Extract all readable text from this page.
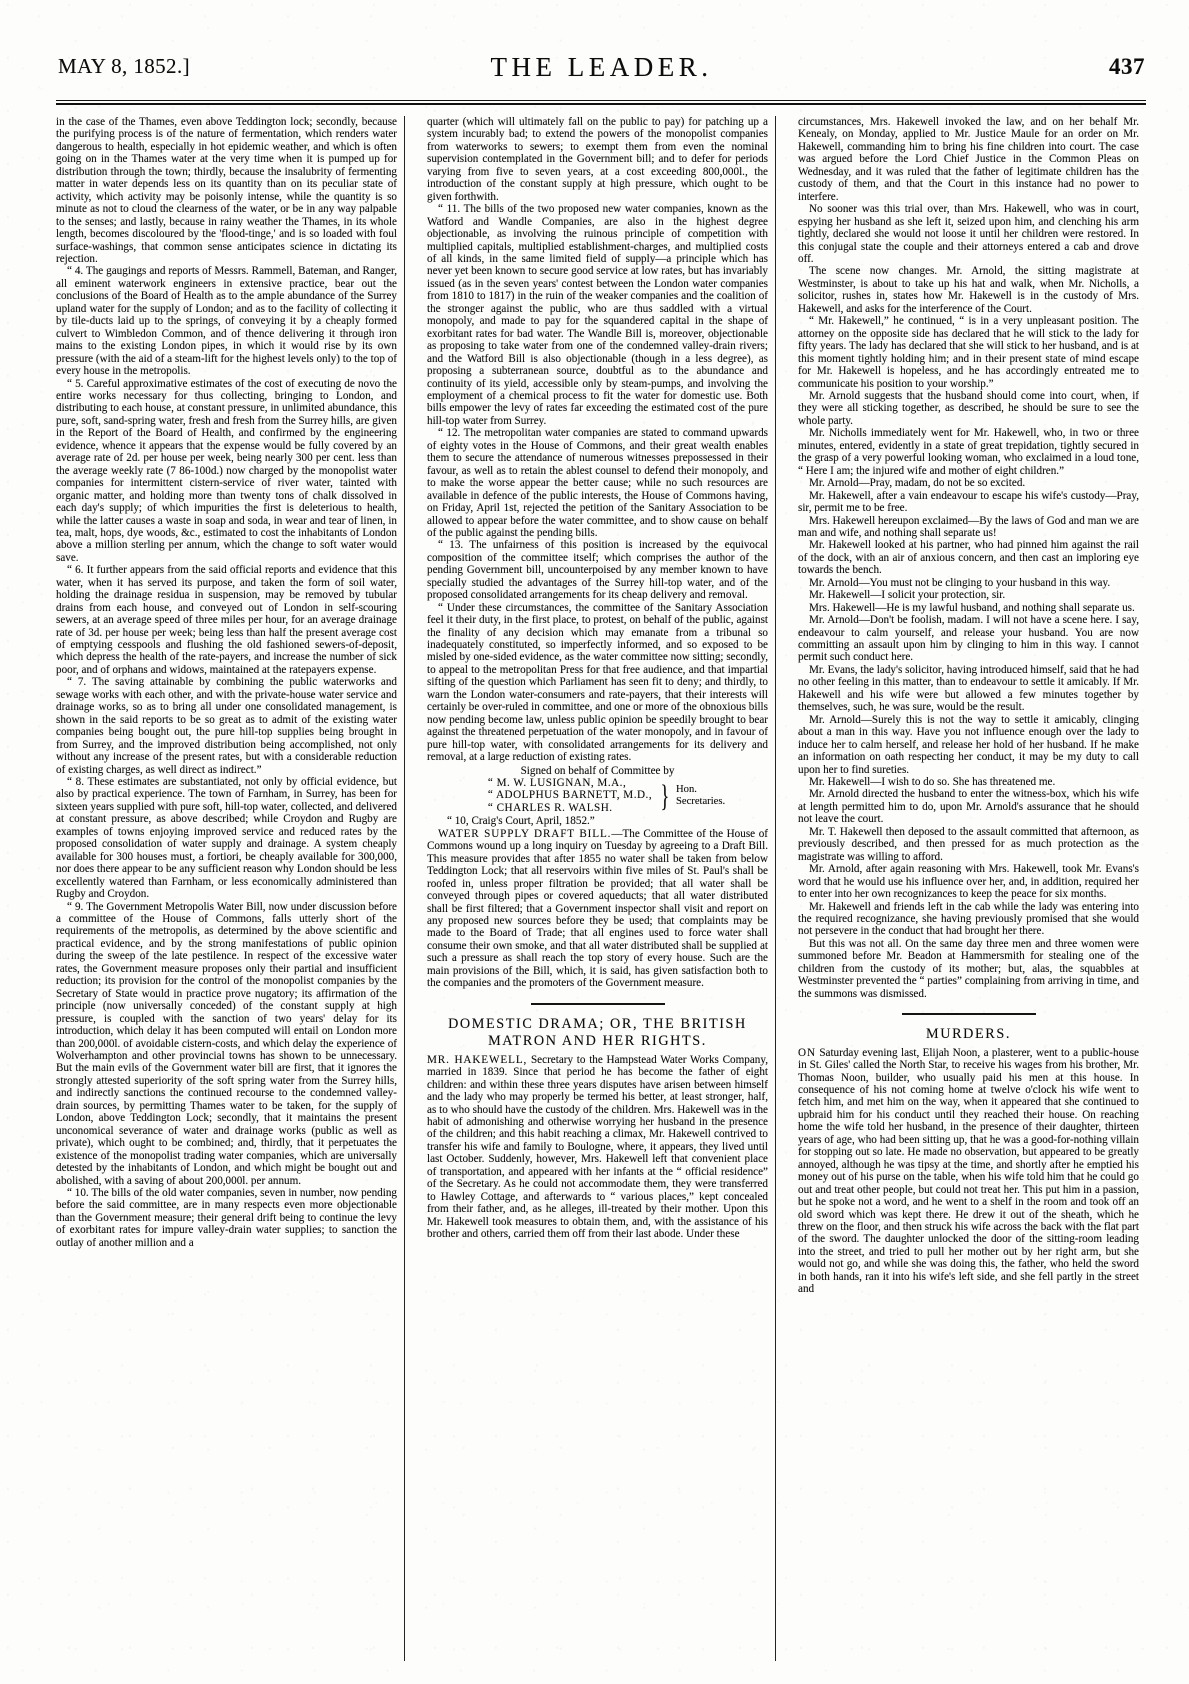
MAY 8, 1852.]	THE LEADER.	437

in the case of the Thames, even above Teddington lock; secondly, because the purifying process is of the nature of fermentation, which renders water dangerous to health, especially in hot epidemic weather, and which is often going on in the Thames water at the very time when it is pumped up for distribution through the town; thirdly, because the insalubrity of fermenting matter in water depends less on its quantity than on its peculiar state of activity, which activity may be poisonly intense, while the quantity is so minute as not to cloud the clearness of the water, or be in any way palpable to the senses; and lastly, because in rainy weather the Thames, in its whole length, becomes discoloured by the 'flood-tinge,' and is so loaded with foul surface-washings, that common sense anticipates science in dictating its rejection.

“ 4. The gaugings and reports of Messrs. Rammell, Bateman, and Ranger, all eminent waterwork engineers in extensive practice, bear out the conclusions of the Board of Health as to the ample abundance of the Surrey upland water for the supply of London; and as to the facility of collecting it by tile-ducts laid up to the springs, of conveying it by a cheaply formed culvert to Wimbledon Common, and of thence delivering it through iron mains to the existing London pipes, in which it would rise by its own pressure (with the aid of a steam-lift for the highest levels only) to the top of every house in the metropolis.

“ 5. Careful approximative estimates of the cost of executing de novo the entire works necessary for thus collecting, bringing to London, and distributing to each house, at constant pressure, in unlimited abundance, this pure, soft, sand-spring water, fresh and fresh from the Surrey hills, are given in the Report of the Board of Health, and confirmed by the engineering evidence, whence it appears that the expense would be fully covered by an average rate of 2d. per house per week, being nearly 300 per cent. less than the average weekly rate (7 86-100d.) now charged by the monopolist water companies for intermittent cistern-service of river water, tainted with organic matter, and holding more than twenty tons of chalk dissolved in each day's supply; of which impurities the first is deleterious to health, while the latter causes a waste in soap and soda, in wear and tear of linen, in tea, malt, hops, dye woods, &c., estimated to cost the inhabitants of London above a million sterling per annum, which the change to soft water would save.

“ 6. It further appears from the said official reports and evidence that this water, when it has served its purpose, and taken the form of soil water, holding the drainage residua in suspension, may be removed by tubular drains from each house, and conveyed out of London in self-scouring sewers, at an average speed of three miles per hour, for an average drainage rate of 3d. per house per week; being less than half the present average cost of emptying cesspools and flushing the old fashioned sewers-of-deposit, which depress the health of the rate-payers, and increase the number of sick poor, and of orphans and widows, maintained at the ratepayers expense.

“ 7. The saving attainable by combining the public waterworks and sewage works with each other, and with the private-house water service and drainage works, so as to bring all under one consolidated management, is shown in the said reports to be so great as to admit of the existing water companies being bought out, the pure hill-top supplies being brought in from Surrey, and the improved distribution being accomplished, not only without any increase of the present rates, but with a considerable reduction of existing charges, as well direct as indirect.”

“ 8. These estimates are substantiated, not only by official evidence, but also by practical experience. The town of Farnham, in Surrey, has been for sixteen years supplied with pure soft, hill-top water, collected, and delivered at constant pressure, as above described; while Croydon and Rugby are examples of towns enjoying improved service and reduced rates by the proposed consolidation of water supply and drainage. A system cheaply available for 300 houses must, a fortiori, be cheaply available for 300,000, nor does there appear to be any sufficient reason why London should be less excellently watered than Farnham, or less economically administered than Rugby and Croydon.

“ 9. The Government Metropolis Water Bill, now under discussion before a committee of the House of Commons, falls utterly short of the requirements of the metropolis, as determined by the above scientific and practical evidence, and by the strong manifestations of public opinion during the sweep of the late pestilence. In respect of the excessive water rates, the Government measure proposes only their partial and insufficient reduction; its provision for the control of the monopolist companies by the Secretary of State would in practice prove nugatory; its affirmation of the principle (now universally conceded) of the constant supply at high pressure, is coupled with the sanction of two years' delay for its introduction, which delay it has been computed will entail on London more than 200,000l. of avoidable cistern-costs, and which delay the experience of Wolverhampton and other provincial towns has shown to be unnecessary. But the main evils of the Government water bill are first, that it ignores the strongly attested superiority of the soft spring water from the Surrey hills, and indirectly sanctions the continued recourse to the condemned valley-drain sources, by permitting Thames water to be taken, for the supply of London, above Teddington Lock; secondly, that it maintains the present unconomical severance of water and drainage works (public as well as private), which ought to be combined; and, thirdly, that it perpetuates the existence of the monopolist trading water companies, which are universally detested by the inhabitants of London, and which might be bought out and abolished, with a saving of about 200,000l. per annum.

“ 10. The bills of the old water companies, seven in number, now pending before the said committee, are in many respects even more objectionable than the Government measure; their general drift being to continue the levy of exorbitant rates for impure valley-drain water supplies; to sanction the outlay of another million and a

quarter (which will ultimately fall on the public to pay) for patching up a system incurably bad; to extend the powers of the monopolist companies from waterworks to sewers; to exempt them from even the nominal supervision contemplated in the Government bill; and to defer for periods varying from five to seven years, at a cost exceeding 800,000l., the introduction of the constant supply at high pressure, which ought to be given forthwith.

“ 11. The bills of the two proposed new water companies, known as the Watford and Wandle Companies, are also in the highest degree objectionable, as involving the ruinous principle of competition with multiplied capitals, multiplied establishment-charges, and multiplied costs of all kinds, in the same limited field of supply—a principle which has never yet been known to secure good service at low rates, but has invariably issued (as in the seven years' contest between the London water companies from 1810 to 1817) in the ruin of the weaker companies and the coalition of the stronger against the public, who are thus saddled with a virtual monopoly, and made to pay for the squandered capital in the shape of exorbitant rates for bad water. The Wandle Bill is, moreover, objectionable as proposing to take water from one of the condemned valley-drain rivers; and the Watford Bill is also objectionable (though in a less degree), as proposing a subterranean source, doubtful as to the abundance and continuity of its yield, accessible only by steam-pumps, and involving the employment of a chemical process to fit the water for domestic use. Both bills empower the levy of rates far exceeding the estimated cost of the pure hill-top water from Surrey.

“ 12. The metropolitan water companies are stated to command upwards of eighty votes in the House of Commons, and their great wealth enables them to secure the attendance of numerous witnesses prepossessed in their favour, as well as to retain the ablest counsel to defend their monopoly, and to make the worse appear the better cause; while no such resources are available in defence of the public interests, the House of Commons having, on Friday, April 1st, rejected the petition of the Sanitary Association to be allowed to appear before the water committee, and to show cause on behalf of the public against the pending bills.

“ 13. The unfairness of this position is increased by the equivocal composition of the committee itself; which comprises the author of the pending Government bill, uncounterpoised by any member known to have specially studied the advantages of the Surrey hill-top water, and of the proposed consolidated arrangements for its cheap delivery and removal.

“ Under these circumstances, the committee of the Sanitary Association feel it their duty, in the first place, to protest, on behalf of the public, against the finality of any decision which may emanate from a tribunal so inadequately constituted, so imperfectly informed, and so exposed to be misled by one-sided evidence, as the water committee now sitting; secondly, to appeal to the metropolitan Press for that free audience, and that impartial sifting of the question which Parliament has seen fit to deny; and thirdly, to warn the London water-consumers and rate-payers, that their interests will certainly be over-ruled in committee, and one or more of the obnoxious bills now pending become law, unless public opinion be speedily brought to bear against the threatened perpetuation of the water monopoly, and in favour of pure hill-top water, with consolidated arrangements for its delivery and removal, at a large reduction of existing rates.

Signed on behalf of Committee by

“ M. W. LUSIGNAN, M.A.,
“ ADOLPHUS BARNETT, M.D.,
“ CHARLES R. WALSH.	} Hon.
Secretaries.

“ 10, Craig's Court, April, 1852.”

WATER SUPPLY DRAFT BILL.—The Committee of the House of Commons wound up a long inquiry on Tuesday by agreeing to a Draft Bill. This measure provides that after 1855 no water shall be taken from below Teddington Lock; that all reservoirs within five miles of St. Paul's shall be roofed in, unless proper filtration be provided; that all water shall be conveyed through pipes or covered aqueducts; that all water distributed shall be first filtered; that a Government inspector shall visit and report on any proposed new sources before they be used; that complaints may be made to the Board of Trade; that all engines used to force water shall consume their own smoke, and that all water distributed shall be supplied at such a pressure as shall reach the top story of every house. Such are the main provisions of the Bill, which, it is said, has given satisfaction both to the companies and the promoters of the Government measure.

DOMESTIC DRAMA; OR, THE BRITISH
MATRON AND HER RIGHTS.

MR. HAKEWELL, Secretary to the Hampstead Water Works Company, married in 1839. Since that period he has become the father of eight children: and within these three years disputes have arisen between himself and the lady who may properly be termed his better, at least stronger, half, as to who should have the custody of the children. Mrs. Hakewell was in the habit of admonishing and otherwise worrying her husband in the presence of the children; and this habit reaching a climax, Mr. Hakewell contrived to transfer his wife and family to Boulogne, where, it appears, they lived until last October. Suddenly, however, Mrs. Hakewell left that convenient place of transportation, and appeared with her infants at the “ official residence” of the Secretary. As he could not accommodate them, they were transferred to Hawley Cottage, and afterwards to “ various places,” kept concealed from their father, and, as he alleges, ill-treated by their mother. Upon this Mr. Hakewell took measures to obtain them, and, with the assistance of his brother and others, carried them off from their last abode. Under these

circumstances, Mrs. Hakewell invoked the law, and on her behalf Mr. Kenealy, on Monday, applied to Mr. Justice Maule for an order on Mr. Hakewell, commanding him to bring his fine children into court. The case was argued before the Lord Chief Justice in the Common Pleas on Wednesday, and it was ruled that the father of legitimate children has the custody of them, and that the Court in this instance had no power to interfere.

No sooner was this trial over, than Mrs. Hakewell, who was in court, espying her husband as she left it, seized upon him, and clenching his arm tightly, declared she would not loose it until her children were restored. In this conjugal state the couple and their attorneys entered a cab and drove off.

The scene now changes. Mr. Arnold, the sitting magistrate at Westminster, is about to take up his hat and walk, when Mr. Nicholls, a solicitor, rushes in, states how Mr. Hakewell is in the custody of Mrs. Hakewell, and asks for the interference of the Court.

“ Mr. Hakewell,” he continued, “ is in a very unpleasant position. The attorney on the opposite side has declared that he will stick to the lady for fifty years. The lady has declared that she will stick to her husband, and is at this moment tightly holding him; and in their present state of mind escape for Mr. Hakewell is hopeless, and he has accordingly entreated me to communicate his position to your worship.”

Mr. Arnold suggests that the husband should come into court, when, if they were all sticking together, as described, he should be sure to see the whole party.

Mr. Nicholls immediately went for Mr. Hakewell, who, in two or three minutes, entered, evidently in a state of great trepidation, tightly secured in the grasp of a very powerful looking woman, who exclaimed in a loud tone, “ Here I am; the injured wife and mother of eight children.”

Mr. Arnold—Pray, madam, do not be so excited.

Mr. Hakewell, after a vain endeavour to escape his wife's custody—Pray, sir, permit me to be free.

Mrs. Hakewell hereupon exclaimed—By the laws of God and man we are man and wife, and nothing shall separate us!

Mr. Hakewell looked at his partner, who had pinned him against the rail of the dock, with an air of anxious concern, and then cast an imploring eye towards the bench.

Mr. Arnold—You must not be clinging to your husband in this way.

Mr. Hakewell—I solicit your protection, sir.

Mrs. Hakewell—He is my lawful husband, and nothing shall separate us.

Mr. Arnold—Don't be foolish, madam. I will not have a scene here. I say, endeavour to calm yourself, and release your husband. You are now committing an assault upon him by clinging to him in this way. I cannot permit such conduct here.

Mr. Evans, the lady's solicitor, having introduced himself, said that he had no other feeling in this matter, than to endeavour to settle it amicably. If Mr. Hakewell and his wife were but allowed a few minutes together by themselves, such, he was sure, would be the result.

Mr. Arnold—Surely this is not the way to settle it amicably, clinging about a man in this way. Have you not influence enough over the lady to induce her to calm herself, and release her hold of her husband. If he make an information on oath respecting her conduct, it may be my duty to call upon her to find sureties.

Mr. Hakewell—I wish to do so. She has threatened me.

Mr. Arnold directed the husband to enter the witness-box, which his wife at length permitted him to do, upon Mr. Arnold's assurance that he should not leave the court.

Mr. T. Hakewell then deposed to the assault committed that afternoon, as previously described, and then pressed for as much protection as the magistrate was willing to afford.

Mr. Arnold, after again reasoning with Mrs. Hakewell, took Mr. Evans's word that he would use his influence over her, and, in addition, required her to enter into her own recognizances to keep the peace for six months.

Mr. Hakewell and friends left in the cab while the lady was entering into the required recognizance, she having previously promised that she would not persevere in the conduct that had brought her there.

But this was not all. On the same day three men and three women were summoned before Mr. Beadon at Hammersmith for stealing one of the children from the custody of its mother; but, alas, the squabbles at Westminster prevented the “ parties” complaining from arriving in time, and the summons was dismissed.

MURDERS.

ON Saturday evening last, Elijah Noon, a plasterer, went to a public-house in St. Giles' called the North Star, to receive his wages from his brother, Mr. Thomas Noon, builder, who usually paid his men at this house. In consequence of his not coming home at twelve o'clock his wife went to fetch him, and met him on the way, when it appeared that she continued to upbraid him for his conduct until they reached their house. On reaching home the wife told her husband, in the presence of their daughter, thirteen years of age, who had been sitting up, that he was a good-for-nothing villain for stopping out so late. He made no observation, but appeared to be greatly annoyed, although he was tipsy at the time, and shortly after he emptied his money out of his purse on the table, when his wife told him that he could go out and treat other people, but could not treat her. This put him in a passion, but he spoke not a word, and he went to a shelf in the room and took off an old sword which was kept there. He drew it out of the sheath, which he threw on the floor, and then struck his wife across the back with the flat part of the sword. The daughter unlocked the door of the sitting-room leading into the street, and tried to pull her mother out by her right arm, but she would not go, and while she was doing this, the father, who held the sword in both hands, ran it into his wife's left side, and she fell partly in the street and
